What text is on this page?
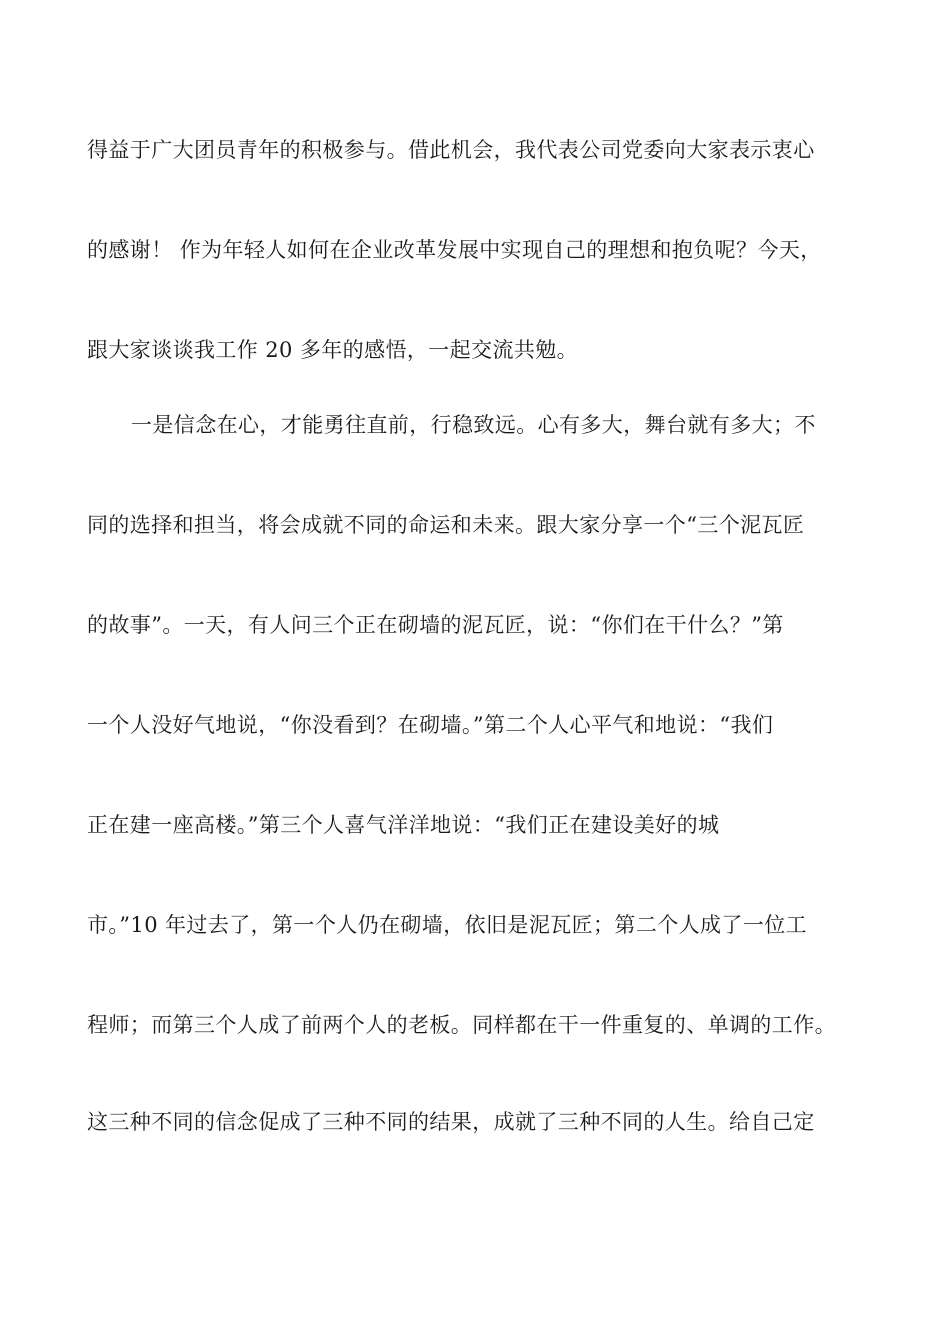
得益于广大团员青年的积极参与。借此机会，我代表公司党委向大家表示衷心
的感谢！ 作为年轻人如何在企业改革发展中实现自己的理想和抱负呢？今天，
跟大家谈谈我工作 20 多年的感悟，一起交流共勉。
一是信念在心，才能勇往直前，行稳致远。心有多大，舞台就有多大；不
同的选择和担当，将会成就不同的命运和未来。跟大家分享一个“三个泥瓦匠
的故事”。一天，有人问三个正在砌墙的泥瓦匠，说：“你们在干什么？”第
一个人没好气地说，“你没看到？在砌墙。”第二个人心平气和地说：“我们
正在建一座高楼。”第三个人喜气洋洋地说：“我们正在建设美好的城
市。”10 年过去了，第一个人仍在砌墙，依旧是泥瓦匠；第二个人成了一位工
程师；而第三个人成了前两个人的老板。同样都在干一件重复的、单调的工作。
这三种不同的信念促成了三种不同的结果，成就了三种不同的人生。给自己定
